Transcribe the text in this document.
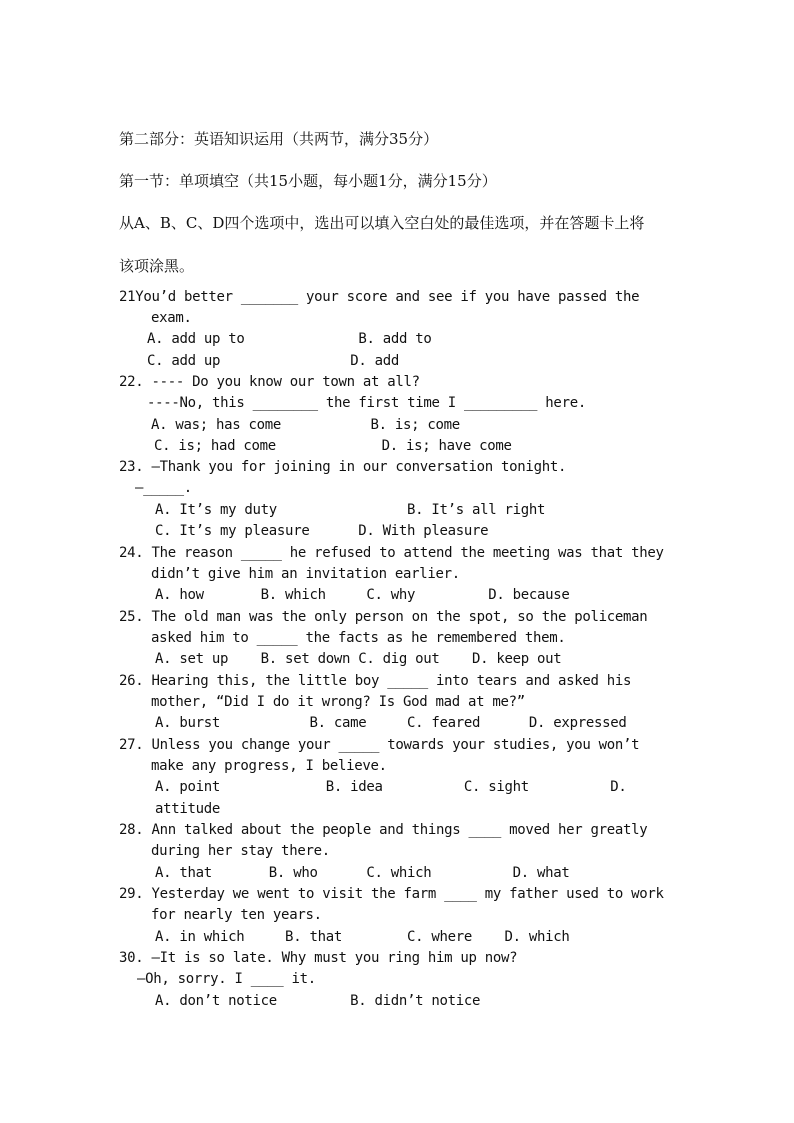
第二部分：英语知识运用（共两节，满分35分）
第一节：单项填空（共15小题，每小题1分，满分15分）
从A、B、C、D四个选项中，选出可以填入空白处的最佳选项，并在答题卡上将
该项涂黑。
21You’d better _______ your score and see if you have passed the
exam.
A. add up to              B. add to
C. add up                D. add
22. ---- Do you know our town at all?
----No, this ________ the first time I _________ here.
A. was; has come           B. is; come
C. is; had come             D. is; have come
23. —Thank you for joining in our conversation tonight.
—_____.
A. It’s my duty                B. It’s all right
C. It’s my pleasure      D. With pleasure
24. The reason _____ he refused to attend the meeting was that they
didn’t give him an invitation earlier.
A. how       B. which     C. why         D. because
25. The old man was the only person on the spot, so the policeman
asked him to _____ the facts as he remembered them.
A. set up    B. set down C. dig out    D. keep out
26. Hearing this, the little boy _____ into tears and asked his
mother, “Did I do it wrong? Is God mad at me?”
A. burst           B. came     C. feared      D. expressed
27. Unless you change your _____ towards your studies, you won’t
make any progress, I believe.
A. point             B. idea          C. sight          D.
attitude
28. Ann talked about the people and things ____ moved her greatly
during her stay there.
A. that       B. who      C. which          D. what
29. Yesterday we went to visit the farm ____ my father used to work
for nearly ten years.
A. in which     B. that        C. where    D. which
30. —It is so late. Why must you ring him up now?
—Oh, sorry. I ____ it.
A. don’t notice         B. didn’t notice
